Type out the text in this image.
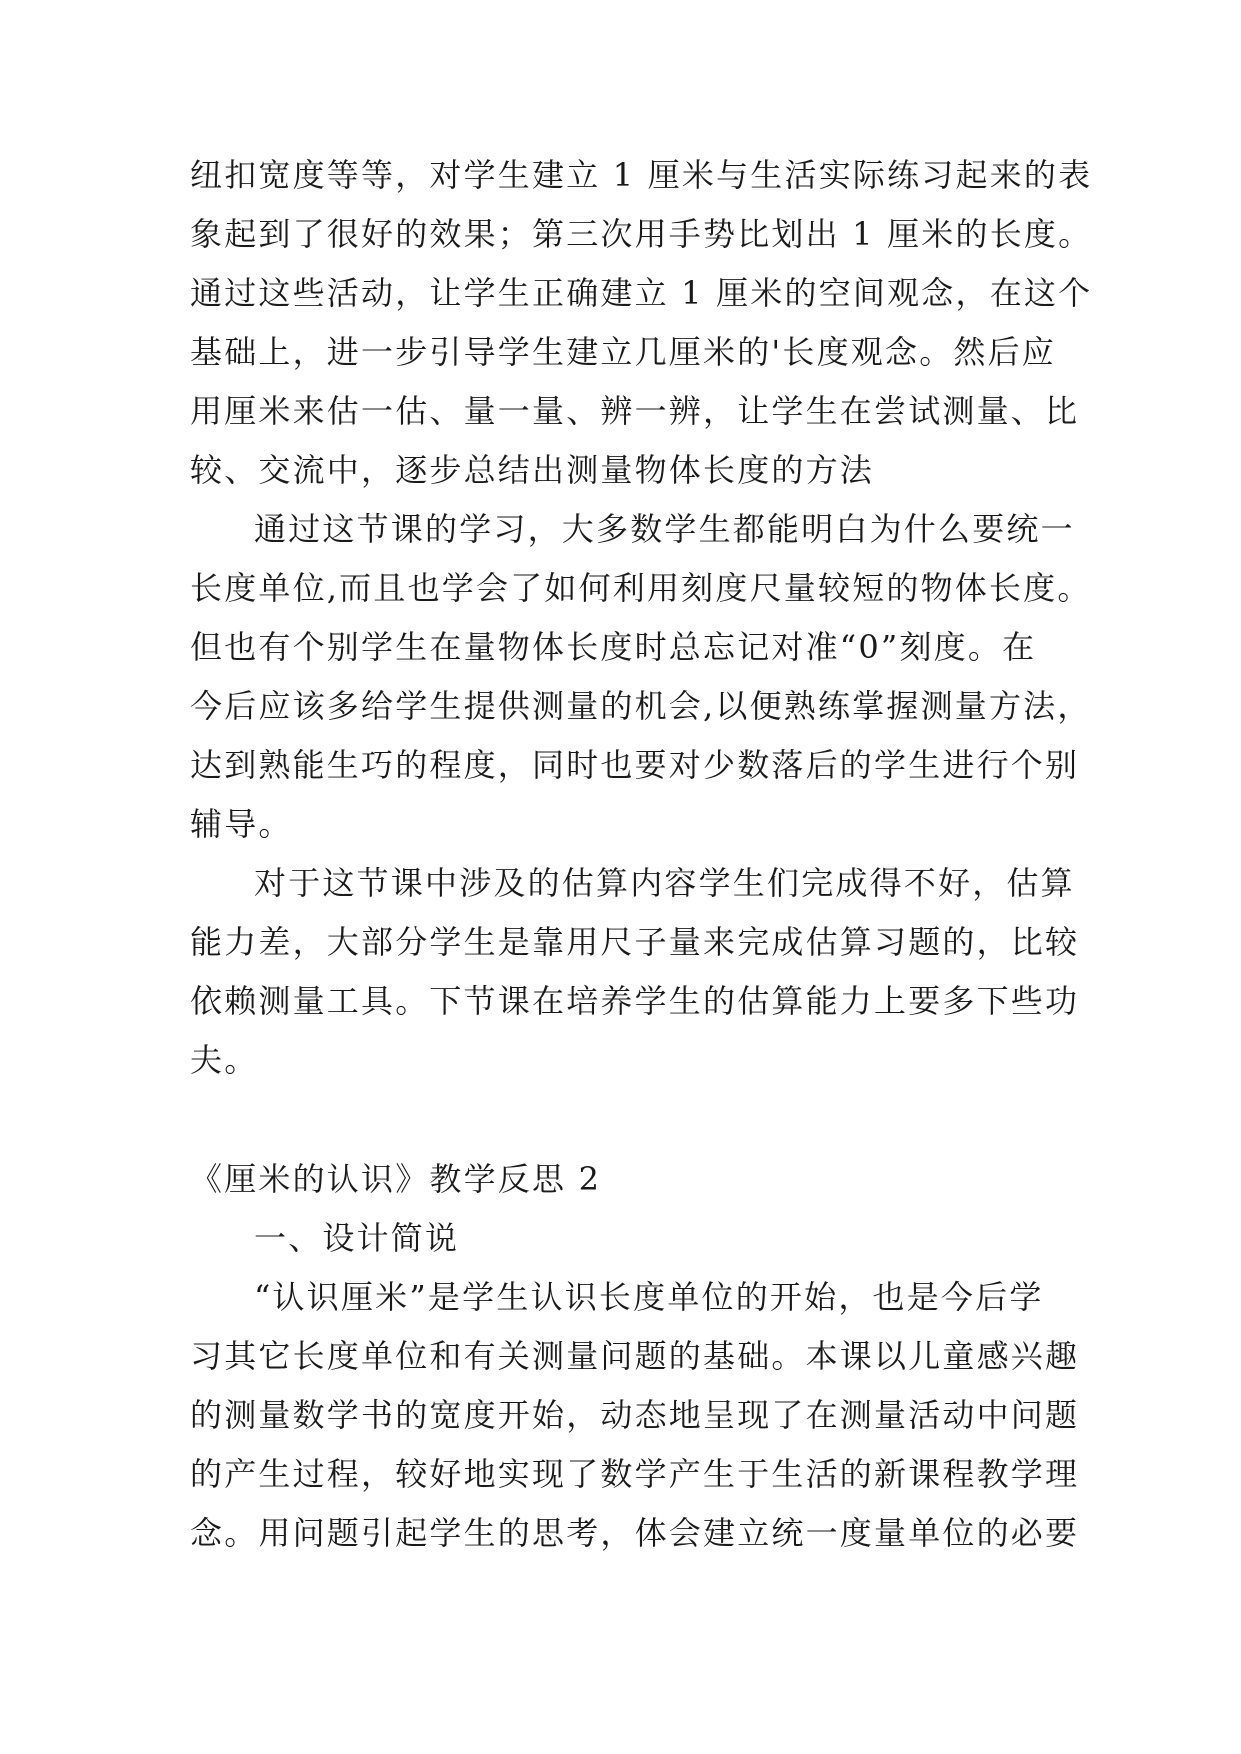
纽扣宽度等等，对学生建立 1 厘米与生活实际练习起来的表
象起到了很好的效果；第三次用手势比划出 1 厘米的长度。
通过这些活动，让学生正确建立 1 厘米的空间观念，在这个
基础上，进一步引导学生建立几厘米的'长度观念。然后应
用厘米来估一估、量一量、辨一辨，让学生在尝试测量、比
较、交流中，逐步总结出测量物体长度的方法
通过这节课的学习，大多数学生都能明白为什么要统一
长度单位,而且也学会了如何利用刻度尺量较短的物体长度。
但也有个别学生在量物体长度时总忘记对准“0”刻度。在
今后应该多给学生提供测量的机会,以便熟练掌握测量方法，
达到熟能生巧的程度，同时也要对少数落后的学生进行个别
辅导。
对于这节课中涉及的估算内容学生们完成得不好，估算
能力差，大部分学生是靠用尺子量来完成估算习题的，比较
依赖测量工具。下节课在培养学生的估算能力上要多下些功
夫。
《厘米的认识》教学反思 2
一、设计简说
“认识厘米”是学生认识长度单位的开始，也是今后学
习其它长度单位和有关测量问题的基础。本课以儿童感兴趣
的测量数学书的宽度开始，动态地呈现了在测量活动中问题
的产生过程，较好地实现了数学产生于生活的新课程教学理
念。用问题引起学生的思考，体会建立统一度量单位的必要
